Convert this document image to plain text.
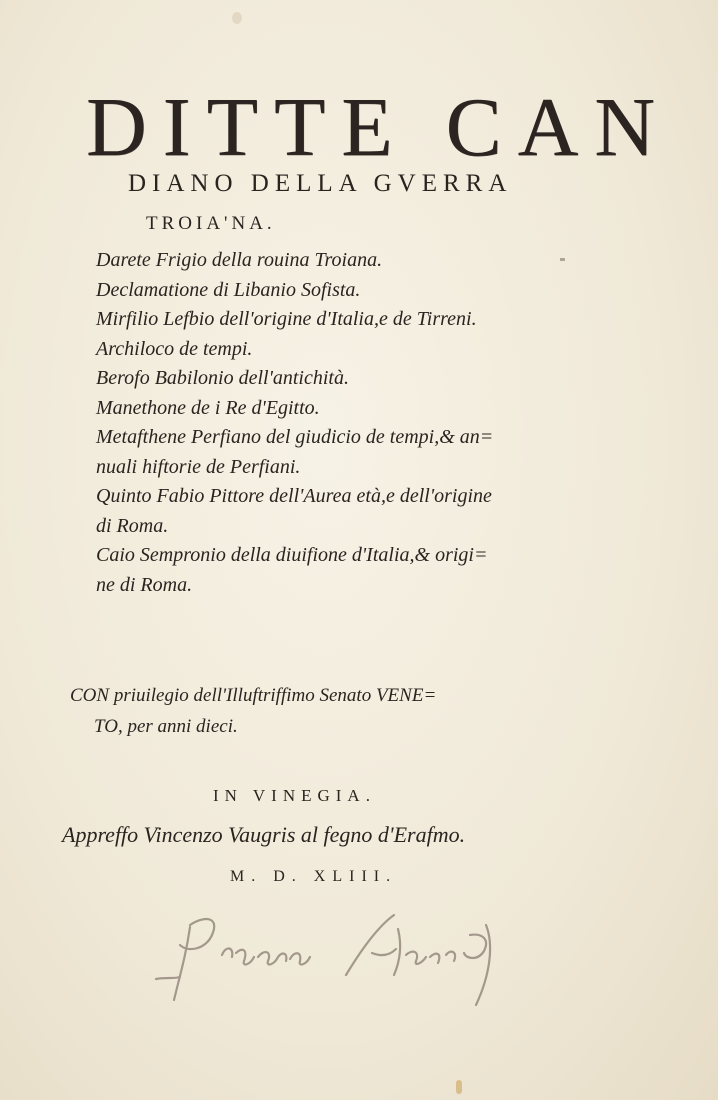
DITTE CAN
DIANO DELLA GVERRA
TROIA'NA.
Darete Frigio della rouina Troiana.
Declamatione di Libanio Sofista.
Mirfilio Lefbio dell'origine d'Italia,e de Tirreni.
Archiloco de tempi.
Berofo Babilonio dell'antichità.
Manethone de i Re d'Egitto.
Metafthene Perfiano del giudicio de tempi,& an=
nuali hiftorie de Perfiani.
Quinto Fabio Pittore dell'Aurea età,e dell'origine
di Roma.
Caio Sempronio della diuifione d'Italia,& origi=
ne di Roma.
CON priuilegio dell'Illuftriffimo Senato VENE=
TO, per anni dieci.
IN VINEGIA.
Appreffo Vincenzo Vaugris al fegno d'Erafmo.
M. D. XLIII.
